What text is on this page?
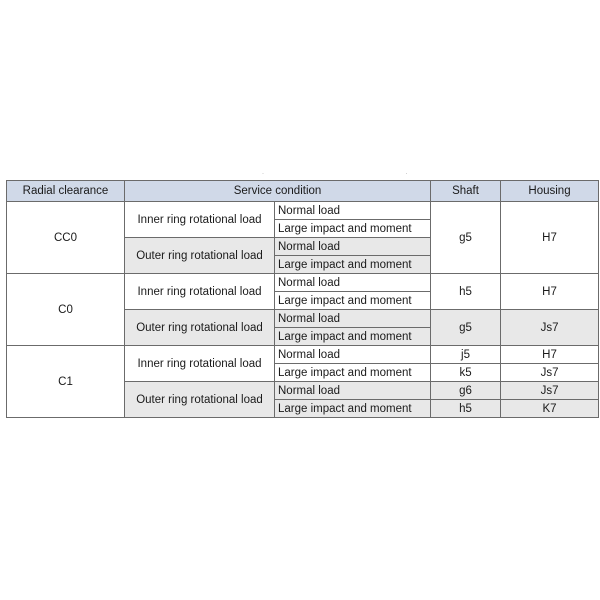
· ·
Radial clearance	Service condition		Shaft	Housing
CC0	Inner ring rotational load	Normal load	g5	H7
		Large impact and moment		
	Outer ring rotational load	Normal load		
		Large impact and moment		
C0	Inner ring rotational load	Normal load	h5	H7
		Large impact and moment		
	Outer ring rotational load	Normal load	g5	Js7
		Large impact and moment		
C1	Inner ring rotational load	Normal load	j5	H7
		Large impact and moment	k5	Js7
	Outer ring rotational load	Normal load	g6	Js7
		Large impact and moment	h5	K7
